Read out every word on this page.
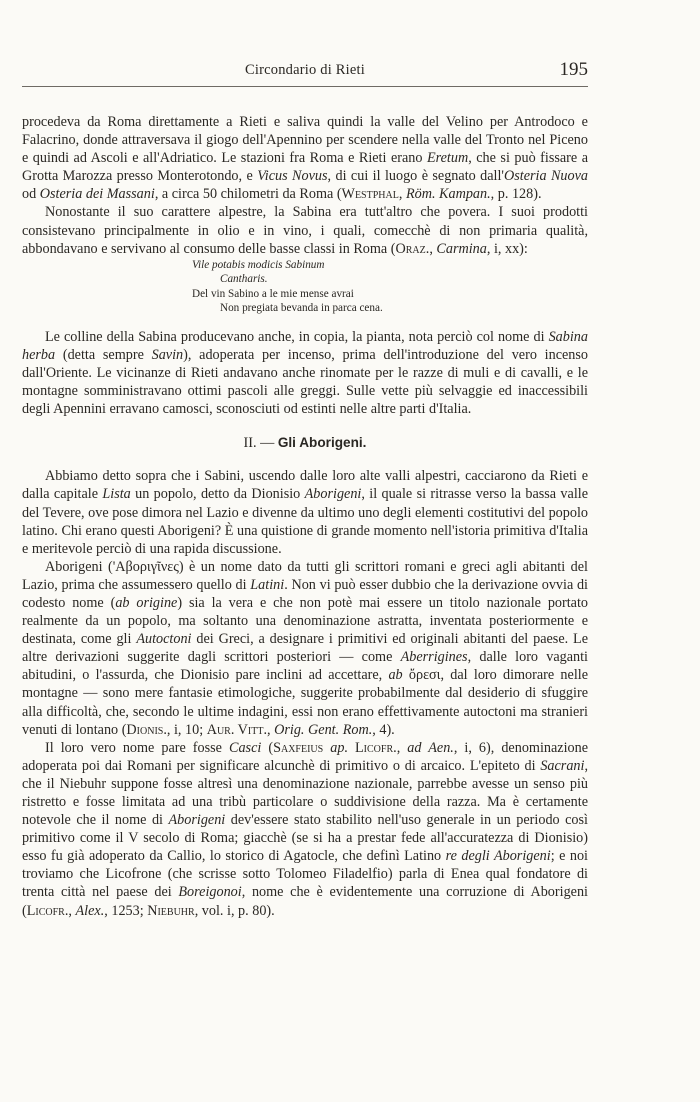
Circondario di Rieti	195

procedeva da Roma direttamente a Rieti e saliva quindi la valle del Velino per Antrodoco e Falacrino, donde attraversava il giogo dell'Apennino per scendere nella valle del Tronto nel Piceno e quindi ad Ascoli e all'Adriatico. Le stazioni fra Roma e Rieti erano Eretum, che si può fissare a Grotta Marozza presso Monterotondo, e Vicus Novus, di cui il luogo è segnato dall'Osteria Nuova od Osteria dei Massani, a circa 50 chilometri da Roma (Westphal, Röm. Kampan., p. 128).

Nonostante il suo carattere alpestre, la Sabina era tutt'altro che povera. I suoi prodotti consistevano principalmente in olio e in vino, i quali, comecchè di non primaria qualità, abbondavano e servivano al consumo delle basse classi in Roma (Oraz., Carmina, i, xx):

Vile potabis modicis Sabinum
Cantharis.
Del vin Sabino a le mie mense avrai
Non pregiata bevanda in parca cena.

Le colline della Sabina producevano anche, in copia, la pianta, nota perciò col nome di Sabina herba (detta sempre Savin), adoperata per incenso, prima dell'introduzione del vero incenso dall'Oriente. Le vicinanze di Rieti andavano anche rinomate per le razze di muli e di cavalli, e le montagne somministravano ottimi pascoli alle greggi. Sulle vette più selvaggie ed inaccessibili degli Apennini erravano camosci, sconosciuti od estinti nelle altre parti d'Italia.

II. — Gli Aborigeni.

Abbiamo detto sopra che i Sabini, uscendo dalle loro alte valli alpestri, cacciarono da Rieti e dalla capitale Lista un popolo, detto da Dionisio Aborigeni, il quale si ritrasse verso la bassa valle del Tevere, ove pose dimora nel Lazio e divenne da ultimo uno degli elementi costitutivi del popolo latino. Chi erano questi Aborigeni? È una quistione di grande momento nell'istoria primitiva d'Italia e meritevole perciò di una rapida discussione.

Aborigeni ('Αβοριγῖνες) è un nome dato da tutti gli scrittori romani e greci agli abitanti del Lazio, prima che assumessero quello di Latini. Non vi può esser dubbio che la derivazione ovvia di codesto nome (ab origine) sia la vera e che non potè mai essere un titolo nazionale portato realmente da un popolo, ma soltanto una denominazione astratta, inventata posteriormente e destinata, come gli Autoctoni dei Greci, a designare i primitivi ed originali abitanti del paese. Le altre derivazioni suggerite dagli scrittori posteriori — come Aberrigines, dalle loro vaganti abitudini, o l'assurda, che Dionisio pare inclini ad accettare, ab ὄρεσι, dal loro dimorare nelle montagne — sono mere fantasie etimologiche, suggerite probabilmente dal desiderio di sfuggire alla difficoltà, che, secondo le ultime indagini, essi non erano effettivamente autoctoni ma stranieri venuti di lontano (Dionis., i, 10; Aur. Vitt., Orig. Gent. Rom., 4).

Il loro vero nome pare fosse Casci (Saxfeius ap. Licofr., ad Aen., i, 6), denominazione adoperata poi dai Romani per significare alcunchè di primitivo o di arcaico. L'epiteto di Sacrani, che il Niebuhr suppone fosse altresì una denominazione nazionale, parrebbe avesse un senso più ristretto e fosse limitata ad una tribù particolare o suddivisione della razza. Ma è certamente notevole che il nome di Aborigeni dev'essere stato stabilito nell'uso generale in un periodo così primitivo come il V secolo di Roma; giacchè (se si ha a prestar fede all'accuratezza di Dionisio) esso fu già adoperato da Callio, lo storico di Agatocle, che definì Latino re degli Aborigeni; e noi troviamo che Licofrone (che scrisse sotto Tolomeo Filadelfio) parla di Enea qual fondatore di trenta città nel paese dei Boreigonoi, nome che è evidentemente una corruzione di Aborigeni (Licofr., Alex., 1253; Niebuhr, vol. i, p. 80).
